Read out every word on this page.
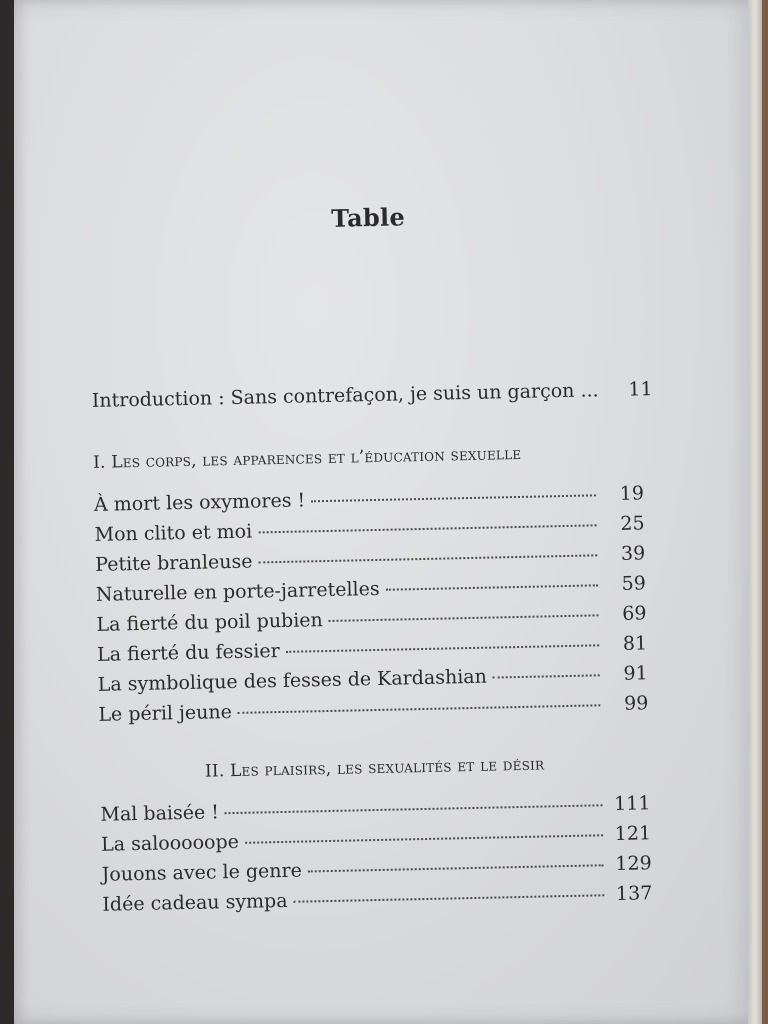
Table
Introduction : Sans contrefaçon, je suis un garçon ...	11
I. Les corps, les apparences et l’éducation sexuelle
À mort les oxymores !	19
Mon clito et moi	25
Petite branleuse	39
Naturelle en porte-jarretelles	59
La fierté du poil pubien	69
La fierté du fessier	81
La symbolique des fesses de Kardashian	91
Le péril jeune	99
II. Les plaisirs, les sexualités et le désir
Mal baisée !	111
La salooooope	121
Jouons avec le genre	129
Idée cadeau sympa	137
